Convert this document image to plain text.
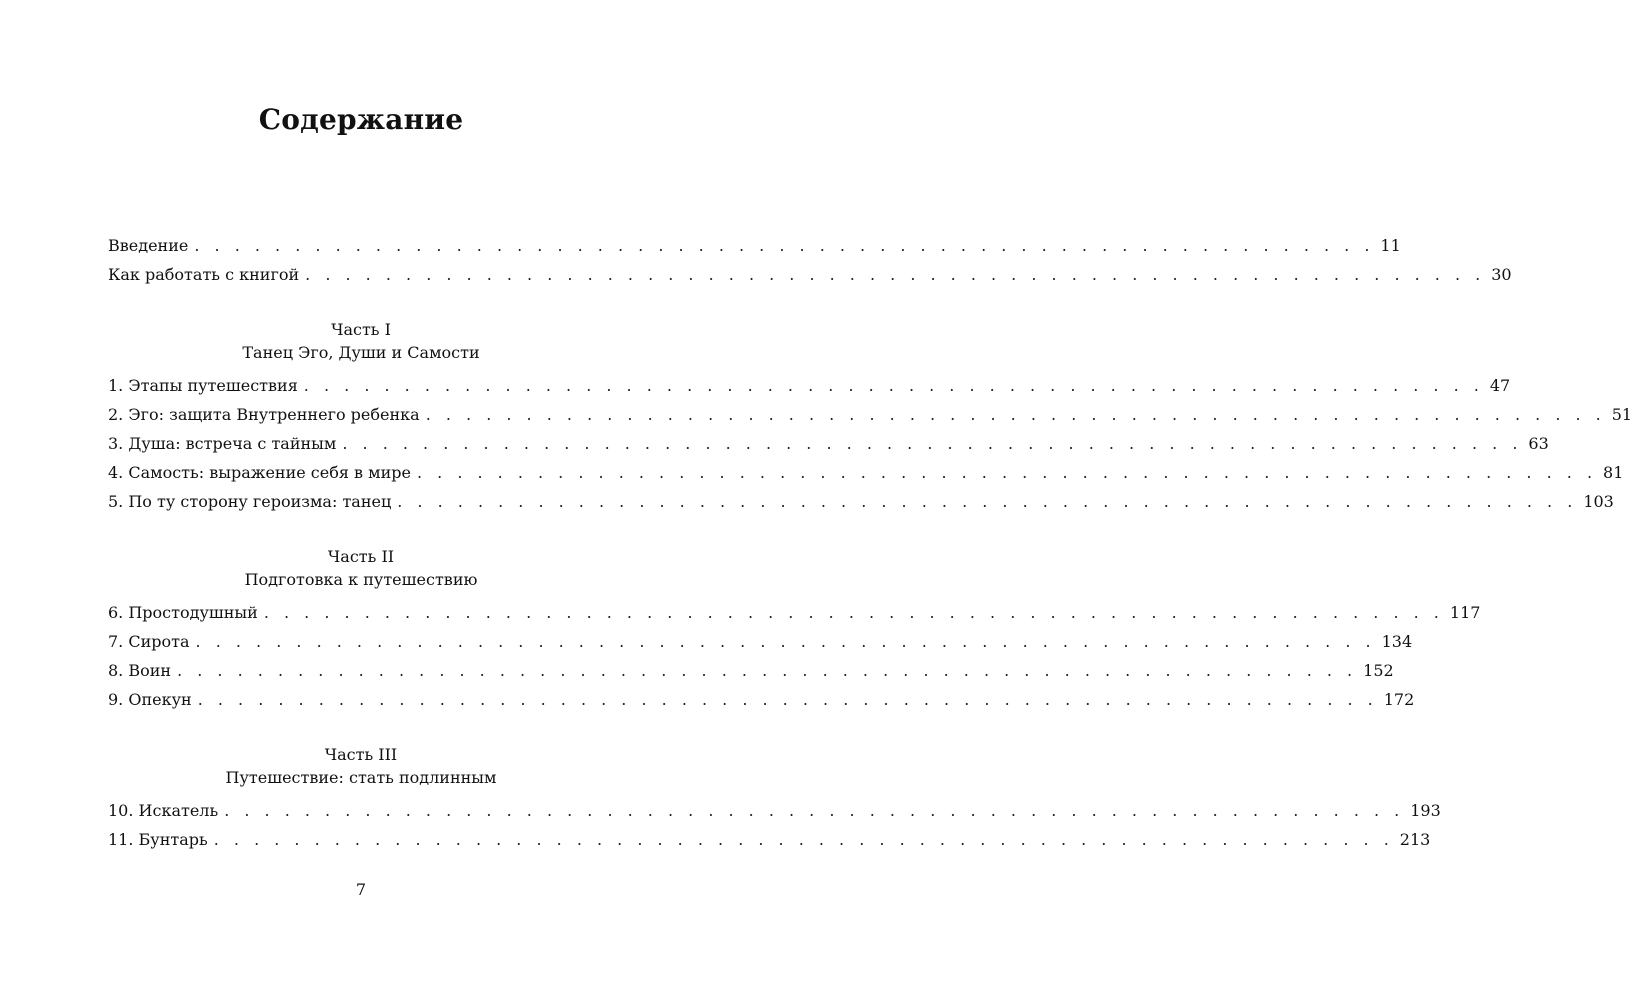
Содержание
Введение . . . . . . . . . . . . . . . . . . . . . . . . . . . . . . . . . . . . . . . . . . . . . . . . . . . . . . . . . . . 11
Как работать с книгой . . . . . . . . . . . . . . . . . . . . . . . . . . . . . . . . . . . . . . . . . . . . . . . . . . . . . . . . . . . 30
Часть I
Танец Эго, Души и Самости
1. Этапы путешествия . . . . . . . . . . . . . . . . . . . . . . . . . . . . . . . . . . . . . . . . . . . . . . . . . . . . . . . . . . . 47
2. Эго: защита Внутреннего ребенка . . . . . . . . . . . . . . . . . . . . . . . . . . . . . . . . . . . . . . . . . . . . . . . . . . . . . . . . . . . 51
3. Душа: встреча с тайным . . . . . . . . . . . . . . . . . . . . . . . . . . . . . . . . . . . . . . . . . . . . . . . . . . . . . . . . . . . 63
4. Самость: выражение себя в мире . . . . . . . . . . . . . . . . . . . . . . . . . . . . . . . . . . . . . . . . . . . . . . . . . . . . . . . . . . . 81
5. По ту сторону героизма: танец . . . . . . . . . . . . . . . . . . . . . . . . . . . . . . . . . . . . . . . . . . . . . . . . . . . . . . . . . . . 103
Часть II
Подготовка к путешествию
6. Простодушный . . . . . . . . . . . . . . . . . . . . . . . . . . . . . . . . . . . . . . . . . . . . . . . . . . . . . . . . . . . 117
7. Сирота . . . . . . . . . . . . . . . . . . . . . . . . . . . . . . . . . . . . . . . . . . . . . . . . . . . . . . . . . . . 134
8. Воин . . . . . . . . . . . . . . . . . . . . . . . . . . . . . . . . . . . . . . . . . . . . . . . . . . . . . . . . . . . 152
9. Опекун . . . . . . . . . . . . . . . . . . . . . . . . . . . . . . . . . . . . . . . . . . . . . . . . . . . . . . . . . . . 172
Часть III
Путешествие: стать подлинным
10. Искатель . . . . . . . . . . . . . . . . . . . . . . . . . . . . . . . . . . . . . . . . . . . . . . . . . . . . . . . . . . . 193
11. Бунтарь . . . . . . . . . . . . . . . . . . . . . . . . . . . . . . . . . . . . . . . . . . . . . . . . . . . . . . . . . . . 213
7
